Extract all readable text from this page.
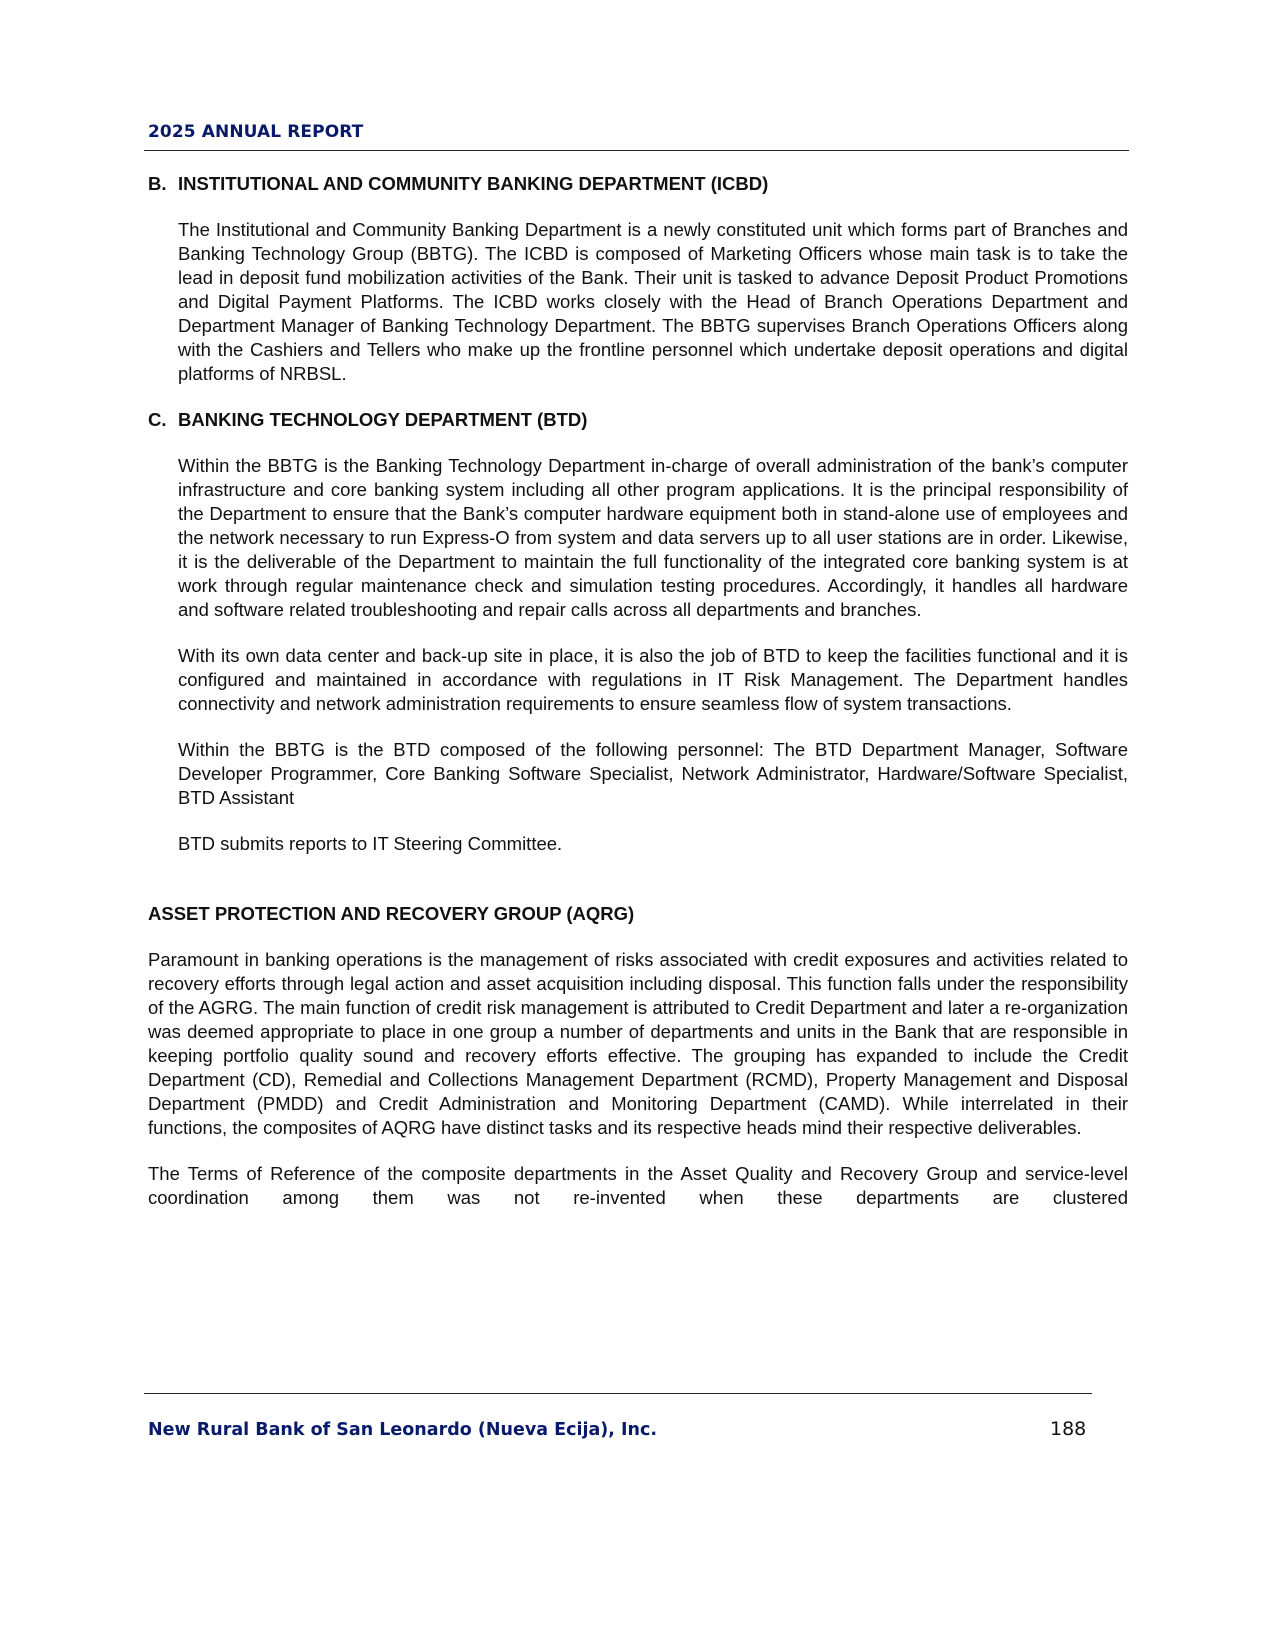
2025 ANNUAL REPORT
B. INSTITUTIONAL AND COMMUNITY BANKING DEPARTMENT (ICBD)

The Institutional and Community Banking Department is a newly constituted unit which forms part of Branches and Banking Technology Group (BBTG). The ICBD is composed of Marketing Officers whose main task is to take the lead in deposit fund mobilization activities of the Bank. Their unit is tasked to advance Deposit Product Promotions and Digital Payment Platforms. The ICBD works closely with the Head of Branch Operations Department and Department Manager of Banking Technology Department. The BBTG supervises Branch Operations Officers along with the Cashiers and Tellers who make up the frontline personnel which undertake deposit operations and digital platforms of NRBSL.

C. BANKING TECHNOLOGY DEPARTMENT (BTD)

Within the BBTG is the Banking Technology Department in-charge of overall administration of the bank’s computer infrastructure and core banking system including all other program applications. It is the principal responsibility of the Department to ensure that the Bank’s computer hardware equipment both in stand-alone use of employees and the network necessary to run Express-O from system and data servers up to all user stations are in order. Likewise, it is the deliverable of the Department to maintain the full functionality of the integrated core banking system is at work through regular maintenance check and simulation testing procedures. Accordingly, it handles all hardware and software related troubleshooting and repair calls across all departments and branches.

With its own data center and back-up site in place, it is also the job of BTD to keep the facilities functional and it is configured and maintained in accordance with regulations in IT Risk Management. The Department handles connectivity and network administration requirements to ensure seamless flow of system transactions.

Within the BBTG is the BTD composed of the following personnel: The BTD Department Manager, Software Developer Programmer, Core Banking Software Specialist, Network Administrator, Hardware/Software Specialist, BTD Assistant

BTD submits reports to IT Steering Committee.

ASSET PROTECTION AND RECOVERY GROUP (AQRG)

Paramount in banking operations is the management of risks associated with credit exposures and activities related to recovery efforts through legal action and asset acquisition including disposal. This function falls under the responsibility of the AGRG. The main function of credit risk management is attributed to Credit Department and later a re-organization was deemed appropriate to place in one group a number of departments and units in the Bank that are responsible in keeping portfolio quality sound and recovery efforts effective. The grouping has expanded to include the Credit Department (CD), Remedial and Collections Management Department (RCMD), Property Management and Disposal Department (PMDD) and Credit Administration and Monitoring Department (CAMD). While interrelated in their functions, the composites of AQRG have distinct tasks and its respective heads mind their respective deliverables.

The Terms of Reference of the composite departments in the Asset Quality and Recovery Group and service-level coordination among them was not re-invented when these departments are clustered

New Rural Bank of San Leonardo (Nueva Ecija), Inc.	188
